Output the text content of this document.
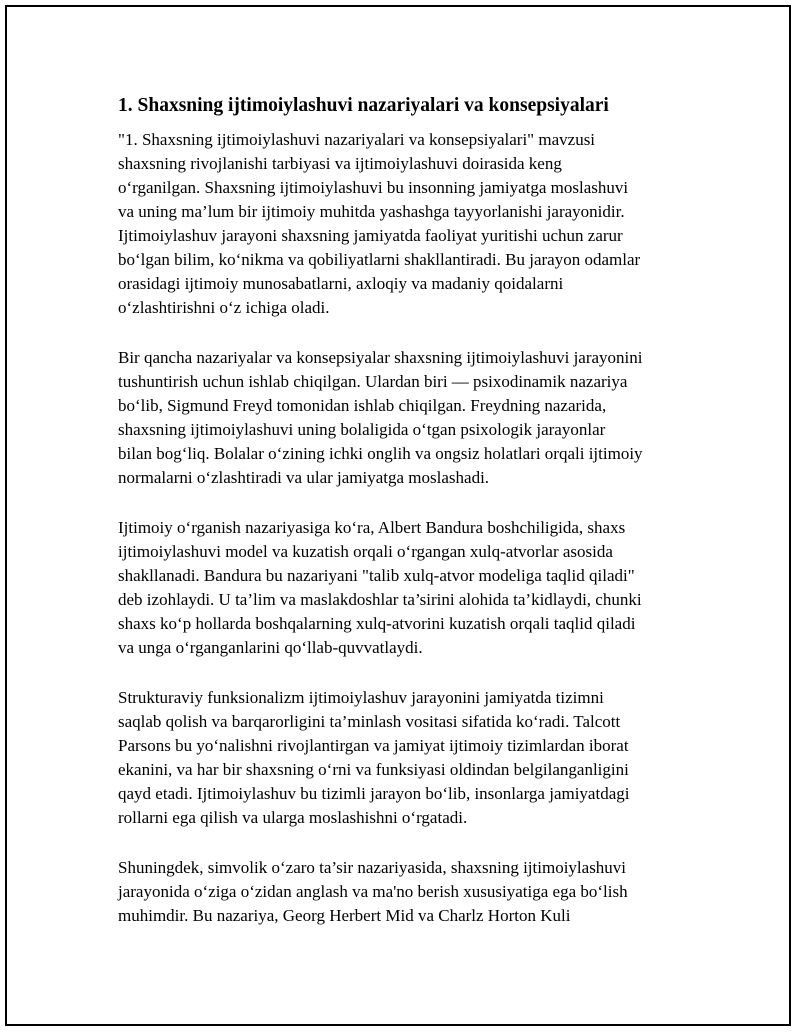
1. Shaxsning ijtimoiylashuvi nazariyalari va konsepsiyalari

"1. Shaxsning ijtimoiylashuvi nazariyalari va konsepsiyalari" mavzusi
shaxsning rivojlanishi tarbiyasi va ijtimoiylashuvi doirasida keng
o‘rganilgan. Shaxsning ijtimoiylashuvi bu insonning jamiyatga moslashuvi
va uning ma’lum bir ijtimoiy muhitda yashashga tayyorlanishi jarayonidir.
Ijtimoiylashuv jarayoni shaxsning jamiyatda faoliyat yuritishi uchun zarur
bo‘lgan bilim, ko‘nikma va qobiliyatlarni shakllantiradi. Bu jarayon odamlar
orasidagi ijtimoiy munosabatlarni, axloqiy va madaniy qoidalarni
o‘zlashtirishni o‘z ichiga oladi.

Bir qancha nazariyalar va konsepsiyalar shaxsning ijtimoiylashuvi jarayonini
tushuntirish uchun ishlab chiqilgan. Ulardan biri — psixodinamik nazariya
bo‘lib, Sigmund Freyd tomonidan ishlab chiqilgan. Freydning nazarida,
shaxsning ijtimoiylashuvi uning bolaligida o‘tgan psixologik jarayonlar
bilan bog‘liq. Bolalar o‘zining ichki onglih va ongsiz holatlari orqali ijtimoiy
normalarni o‘zlashtiradi va ular jamiyatga moslashadi.

Ijtimoiy o‘rganish nazariyasiga ko‘ra, Albert Bandura boshchiligida, shaxs
ijtimoiylashuvi model va kuzatish orqali o‘rgangan xulq-atvorlar asosida
shakllanadi. Bandura bu nazariyani "talib xulq-atvor modeliga taqlid qiladi"
deb izohlaydi. U ta’lim va maslakdoshlar ta’sirini alohida ta’kidlaydi, chunki
shaxs ko‘p hollarda boshqalarning xulq-atvorini kuzatish orqali taqlid qiladi
va unga o‘rganganlarini qo‘llab-quvvatlaydi.

Strukturaviy funksionalizm ijtimoiylashuv jarayonini jamiyatda tizimni
saqlab qolish va barqarorligini ta’minlash vositasi sifatida ko‘radi. Talcott
Parsons bu yo‘nalishni rivojlantirgan va jamiyat ijtimoiy tizimlardan iborat
ekanini, va har bir shaxsning o‘rni va funksiyasi oldindan belgilanganligini
qayd etadi. Ijtimoiylashuv bu tizimli jarayon bo‘lib, insonlarga jamiyatdagi
rollarni ega qilish va ularga moslashishni o‘rgatadi.

Shuningdek, simvolik o‘zaro ta’sir nazariyasida, shaxsning ijtimoiylashuvi
jarayonida o‘ziga o‘zidan anglash va ma'no berish xususiyatiga ega bo‘lish
muhimdir. Bu nazariya, Georg Herbert Mid va Charlz Horton Kuli
